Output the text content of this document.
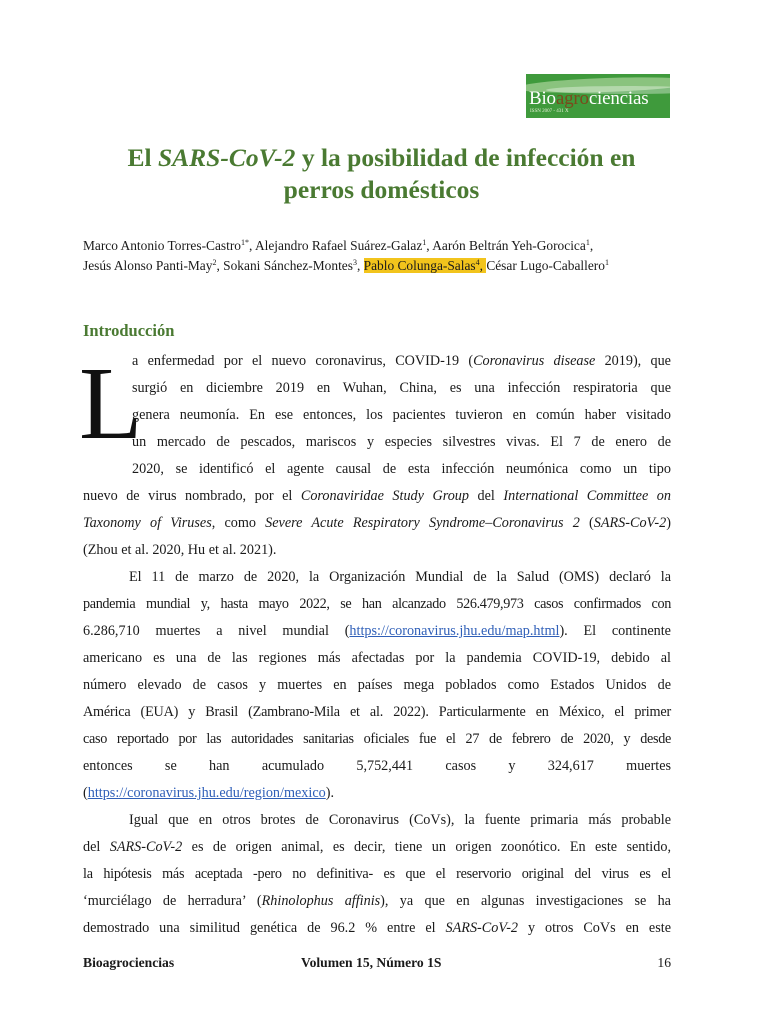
Bioagrociencias
ISSN 2007 - 431 X
El SARS-CoV-2 y la posibilidad de infección en
perros domésticos
Marco Antonio Torres-Castro$^{1*}$, Alejandro Rafael Suárez-Galaz$^1$, Aarón Beltrán Yeh-Gorocica$^1$,
Jesús Alonso Panti-May$^2$, Sokani Sánchez-Montes$^3$, Pablo Colunga-Salas$^4$, César Lugo-Caballero$^1$
Introducción
L
a enfermedad por el nuevo coronavirus, COVID-19 (Coronavirus disease 2019), que
surgió en diciembre 2019 en Wuhan, China, es una infección respiratoria que
genera neumonía. En ese entonces, los pacientes tuvieron en común haber visitado
un mercado de pescados, mariscos y especies silvestres vivas. El 7 de enero de
2020, se identificó el agente causal de esta infección neumónica como un tipo
nuevo de virus nombrado, por el Coronaviridae Study Group del International Committee on
Taxonomy of Viruses, como Severe Acute Respiratory Syndrome–Coronavirus 2 (SARS-CoV-2)
(Zhou et al. 2020, Hu et al. 2021).
El 11 de marzo de 2020, la Organización Mundial de la Salud (OMS) declaró la
pandemia mundial y, hasta mayo 2022, se han alcanzado 526.479,973 casos confirmados con
6.286,710 muertes a nivel mundial (https://coronavirus.jhu.edu/map.html). El continente
americano es una de las regiones más afectadas por la pandemia COVID-19, debido al
número elevado de casos y muertes en países mega poblados como Estados Unidos de
América (EUA) y Brasil (Zambrano-Mila et al. 2022). Particularmente en México, el primer
caso reportado por las autoridades sanitarias oficiales fue el 27 de febrero de 2020, y desde
entonces se han acumulado 5,752,441 casos y 324,617 muertes
(https://coronavirus.jhu.edu/region/mexico).
Igual que en otros brotes de Coronavirus (CoVs), la fuente primaria más probable
del SARS-CoV-2 es de origen animal, es decir, tiene un origen zoonótico. En este sentido,
la hipótesis más aceptada -pero no definitiva- es que el reservorio original del virus es el
‘murciélago de herradura’ (Rhinolophus affinis), ya que en algunas investigaciones se ha
demostrado una similitud genética de 96.2 % entre el SARS-CoV-2 y otros CoVs en este
Bioagrociencias	Volumen 15, Número 1S	16
